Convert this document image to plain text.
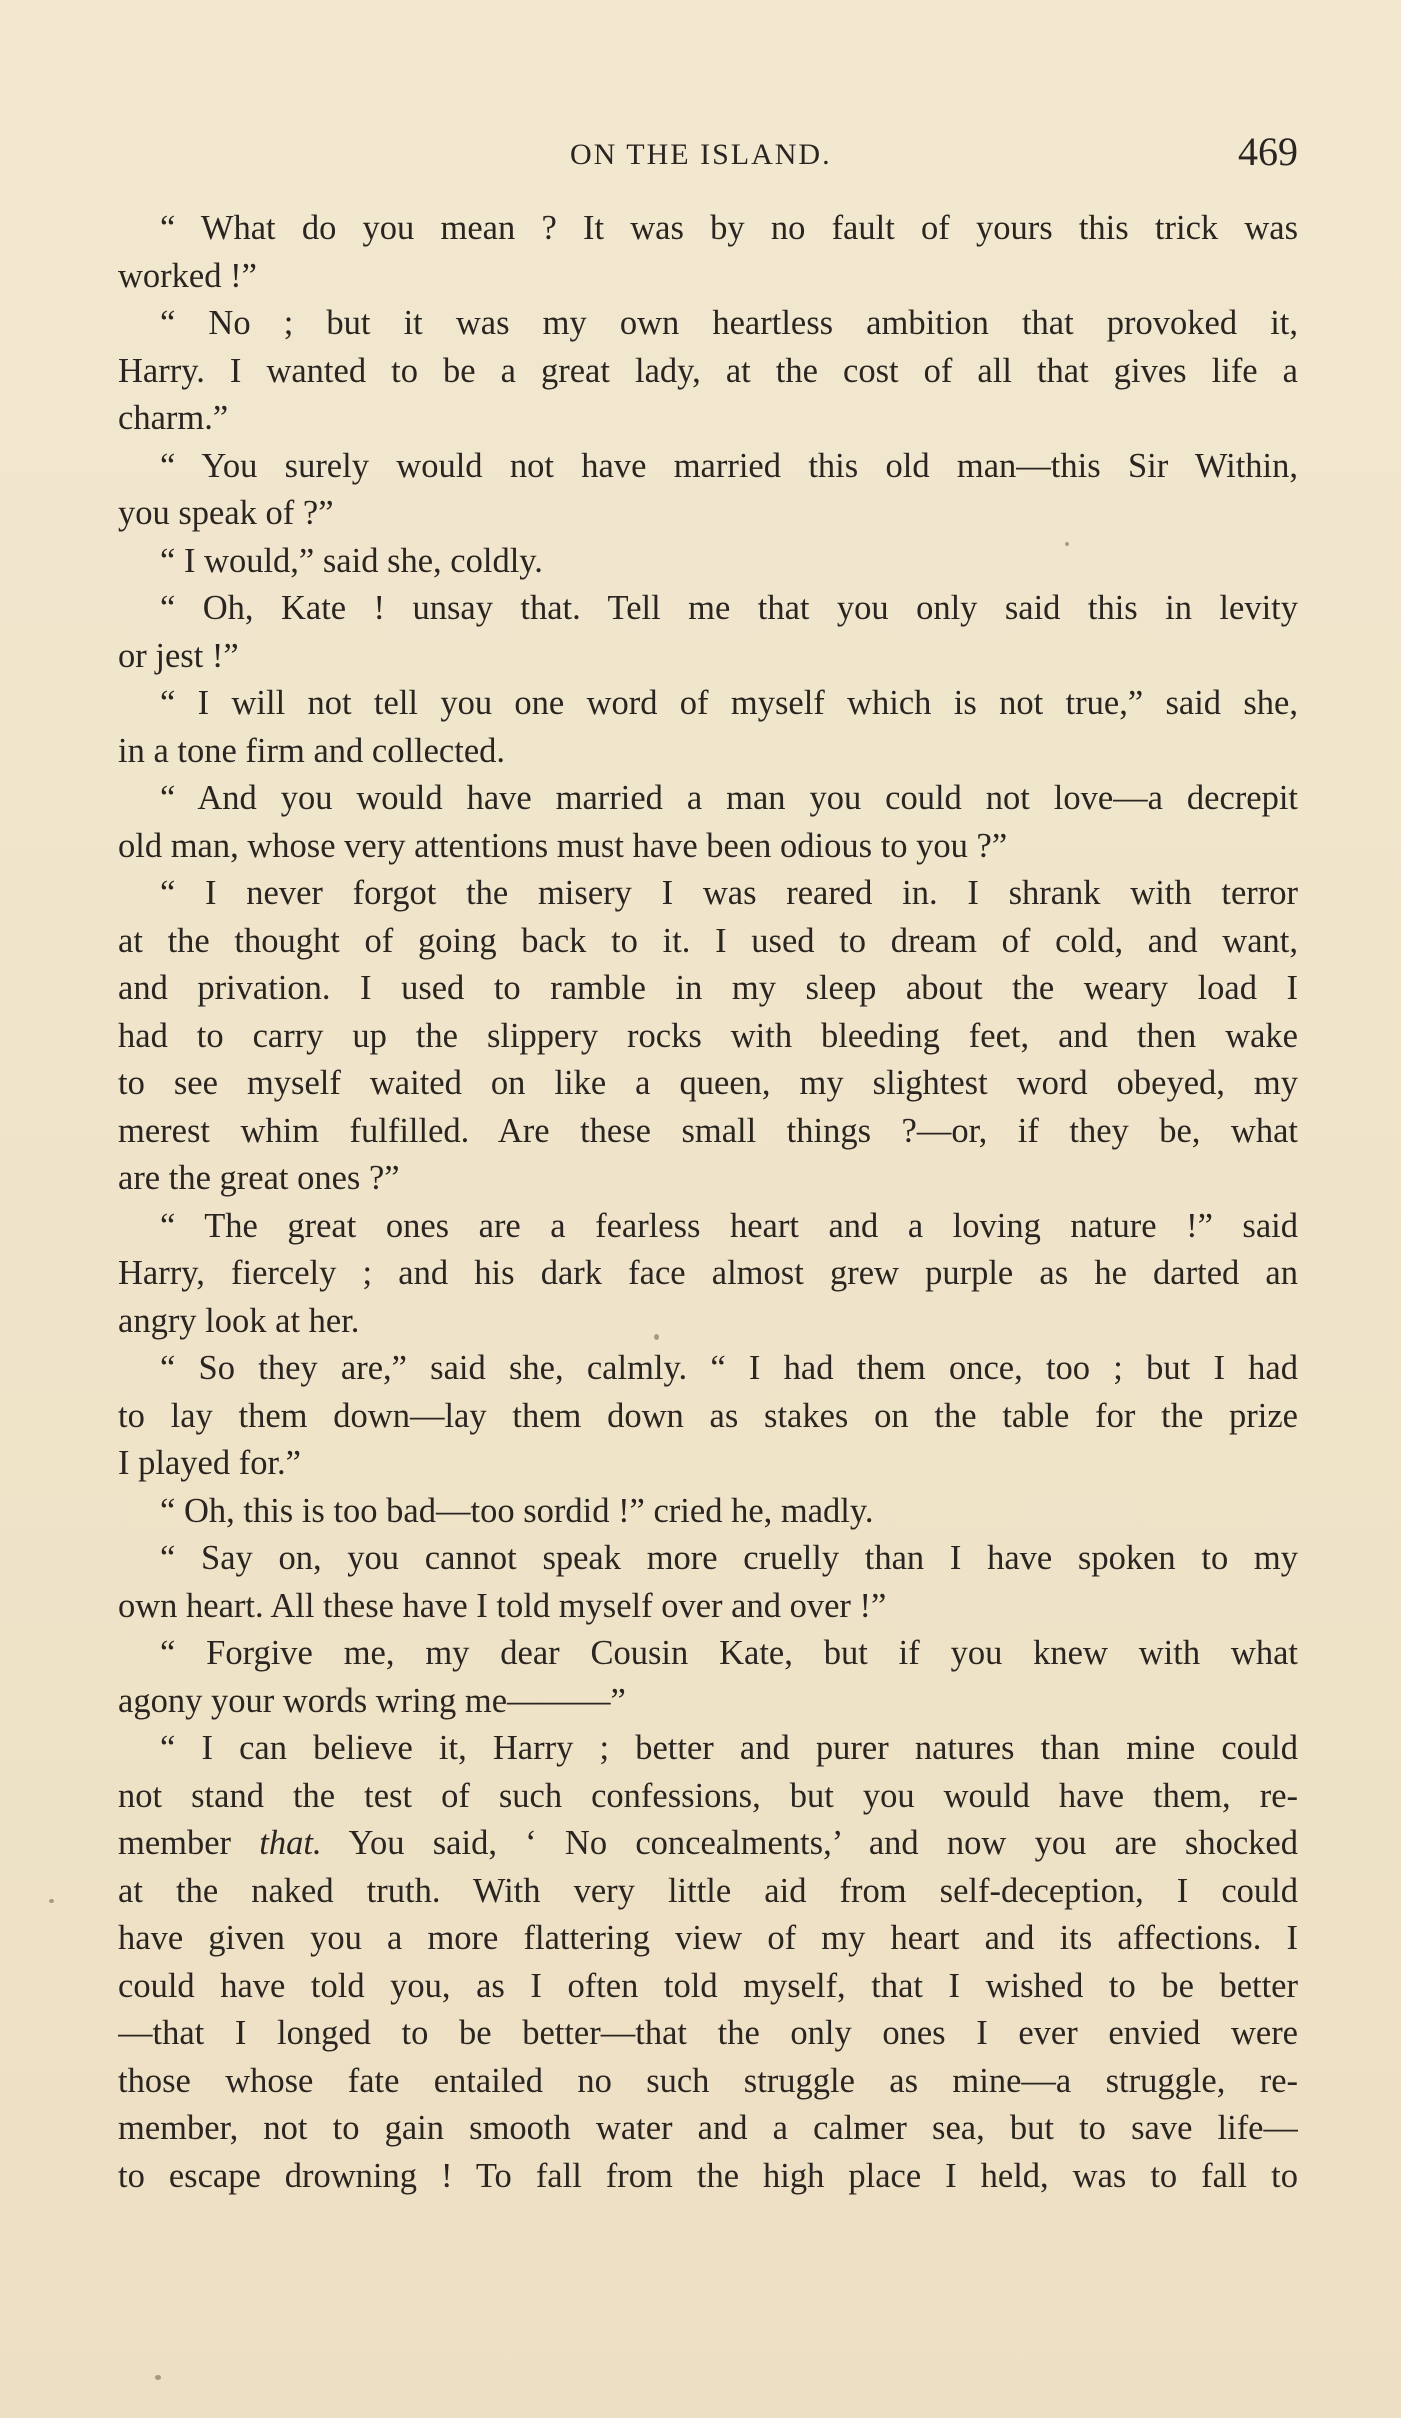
ON THE ISLAND.	469
“ What do you mean ? It was by no fault of yours this trick was
worked !”
“ No ; but it was my own heartless ambition that provoked it,
Harry. I wanted to be a great lady, at the cost of all that gives life a
charm.”
“ You surely would not have married this old man—this Sir Within,
you speak of ?”
“ I would,” said she, coldly.
“ Oh, Kate ! unsay that. Tell me that you only said this in levity
or jest !”
“ I will not tell you one word of myself which is not true,” said she,
in a tone firm and collected.
“ And you would have married a man you could not love—a decrepit
old man, whose very attentions must have been odious to you ?”
“ I never forgot the misery I was reared in. I shrank with terror
at the thought of going back to it. I used to dream of cold, and want,
and privation. I used to ramble in my sleep about the weary load I
had to carry up the slippery rocks with bleeding feet, and then wake
to see myself waited on like a queen, my slightest word obeyed, my
merest whim fulfilled. Are these small things ?—or, if they be, what
are the great ones ?”
“ The great ones are a fearless heart and a loving nature !” said
Harry, fiercely ; and his dark face almost grew purple as he darted an
angry look at her.
“ So they are,” said she, calmly. “ I had them once, too ; but I had
to lay them down—lay them down as stakes on the table for the prize
I played for.”
“ Oh, this is too bad—too sordid !” cried he, madly.
“ Say on, you cannot speak more cruelly than I have spoken to my
own heart. All these have I told myself over and over !”
“ Forgive me, my dear Cousin Kate, but if you knew with what
agony your words wring me———”
“ I can believe it, Harry ; better and purer natures than mine could
not stand the test of such confessions, but you would have them, re-
member that. You said, ‘ No concealments,’ and now you are shocked
at the naked truth. With very little aid from self-deception, I could
have given you a more flattering view of my heart and its affections. I
could have told you, as I often told myself, that I wished to be better
—that I longed to be better—that the only ones I ever envied were
those whose fate entailed no such struggle as mine—a struggle, re-
member, not to gain smooth water and a calmer sea, but to save life—
to escape drowning ! To fall from the high place I held, was to fall to
